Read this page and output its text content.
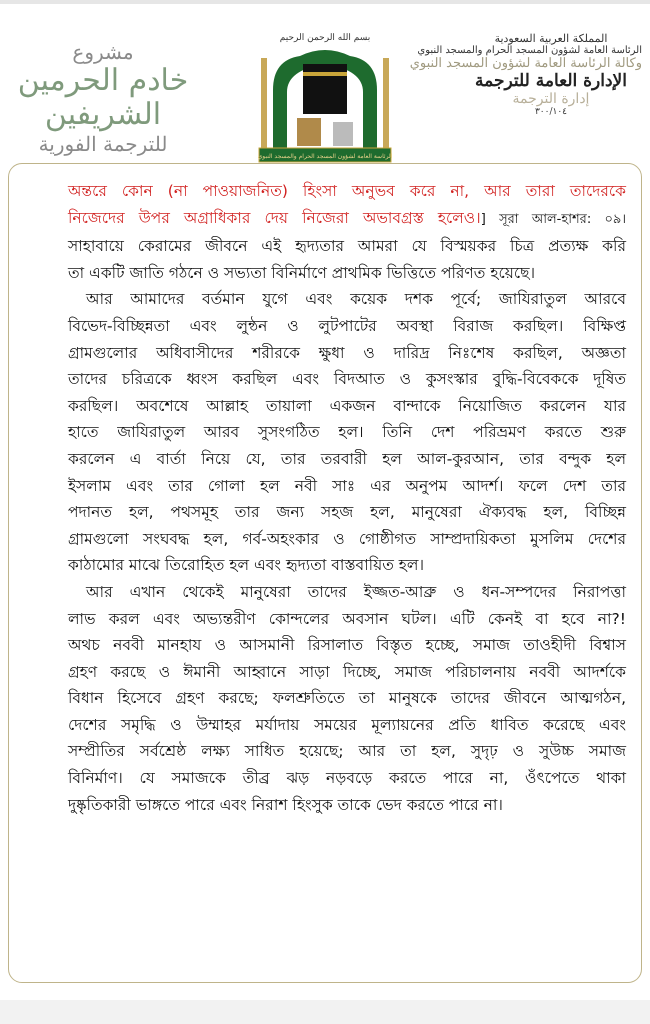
مشروع
خادم الحرمين الشريفين
للترجمة الفورية
بسم الله الرحمن الرحيم
الرئاسة العامة لشؤون المسجد الحرام والمسجد النبوي
المملكة العربية السعودية
الرئاسة العامة لشؤون المسجد الحرام والمسجد النبوي
وكالة الرئاسة العامة لشؤون المسجد النبوي
الإدارة العامة للترجمة
إدارة الترجمة
٣٠٠/١٠٤
অন্তরে কোন (না পাওয়াজনিত) হিংসা অনুভব করে না, আর তারা তাদেরকে
নিজেদের উপর অগ্রাধিকার দেয় নিজেরা অভাবগ্রস্ত হলেও।] সূরা আল-হাশর: ০৯।
সাহাবায়ে কেরামের জীবনে এই হৃদ্যতার আমরা যে বিস্ময়কর চিত্র প্রত্যক্ষ করি
তা একটি জাতি গঠনে ও সভ্যতা বিনির্মাণে প্রাথমিক ভিত্তিতে পরিণত হয়েছে।
আর আমাদের বর্তমান যুগে এবং কয়েক দশক পূর্বে; জাযিরাতুল আরবে
বিভেদ-বিচ্ছিন্নতা এবং লুন্ঠন ও লুটপাটের অবস্থা বিরাজ করছিল। বিক্ষিপ্ত
গ্রামগুলোর অধিবাসীদের শরীরকে ক্ষুধা ও দারিদ্র নিঃশেষ করছিল, অজ্ঞতা
তাদের চরিত্রকে ধ্বংস করছিল এবং বিদআত ও কুসংস্কার বুদ্ধি-বিবেককে দূষিত
করছিল। অবশেষে আল্লাহ তায়ালা একজন বান্দাকে নিয়োজিত করলেন যার
হাতে জাযিরাতুল আরব সুসংগঠিত হল। তিনি দেশ পরিভ্রমণ করতে শুরু
করলেন এ বার্তা নিয়ে যে, তার তরবারী হল আল-কুরআন, তার বন্দুক হল
ইসলাম এবং তার গোলা হল নবী সাঃ এর অনুপম আদর্শ। ফলে দেশ তার
পদানত হল, পথসমূহ তার জন্য সহজ হল, মানুষেরা ঐক্যবদ্ধ হল, বিচ্ছিন্ন
গ্রামগুলো সংঘবদ্ধ হল, গর্ব-অহংকার ও গোষ্ঠীগত সাম্প্রদায়িকতা মুসলিম দেশের
কাঠামোর মাঝে তিরোহিত হল এবং হৃদ্যতা বাস্তবায়িত হল।
আর এখান থেকেই মানুষেরা তাদের ইজ্জত-আব্রু ও ধন-সম্পদের নিরাপত্তা
লাভ করল এবং অভ্যন্তরীণ কোন্দলের অবসান ঘটল। এটি কেনই বা হবে না?!
অথচ নববী মানহায ও আসমানী রিসালাত বিস্তৃত হচ্ছে, সমাজ তাওহীদী বিশ্বাস
গ্রহণ করছে ও ঈমানী আহ্বানে সাড়া দিচ্ছে, সমাজ পরিচালনায় নববী আদর্শকে
বিধান হিসেবে গ্রহণ করছে; ফলশ্রুতিতে তা মানুষকে তাদের জীবনে আত্মগঠন,
দেশের সমৃদ্ধি ও উম্মাহর মর্যাদায় সময়ের মূল্যায়নের প্রতি ধাবিত করেছে এবং
সম্প্রীতির সর্বশ্রেষ্ঠ লক্ষ্য সাধিত হয়েছে; আর তা হল, সুদৃঢ় ও সুউচ্চ সমাজ
বিনির্মাণ। যে সমাজকে তীব্র ঝড় নড়বড়ে করতে পারে না, ওঁৎপেতে থাকা
দুষ্কৃতিকারী ভাঙ্গতে পারে এবং নিরাশ হিংসুক তাকে ভেদ করতে পারে না।
